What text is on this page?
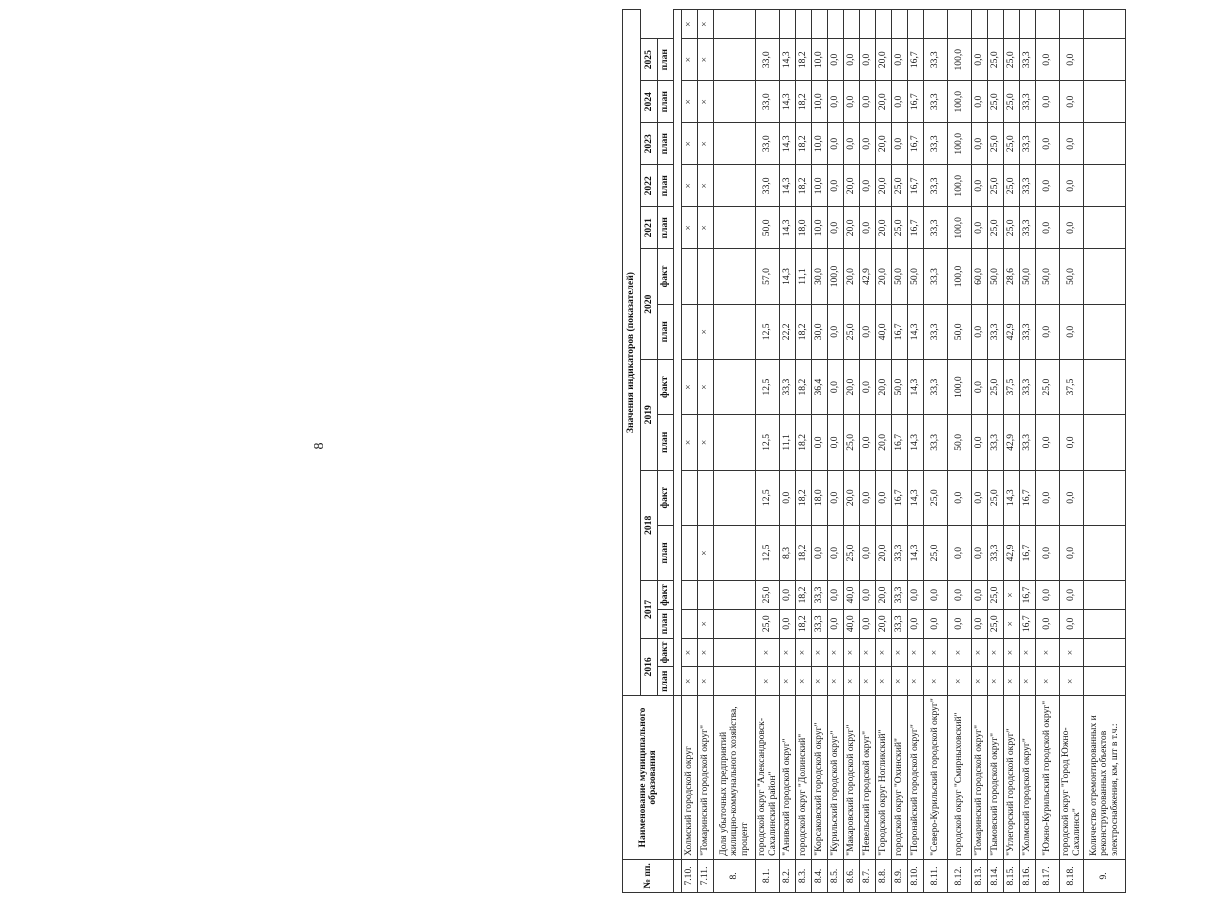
8
№ пп.	Наименование муниципального образования	Значения индикаторов (показателей)															
		2016		2017		2018		2019		2020		2021	2022	2023	2024	2025	
		план	факт	план	факт	план	факт	план	факт	план	факт	план	план	план	план	план	

7.10.	Холмский городской округ	×	×					×	×			×	×	×	×	×	×
7.11.	"Томаринский городской округ"	×	×	×		×		×	×	×		×	×	×	×	×	×
8.	Доля убыточных предприятий жилищно-коммунального хозяйства, процент																
8.1.	городской округ "Александровск-Сахалинский район"	×	×	25,0	25,0	12,5	12,5	12,5	12,5	12,5	57,0	50,0	33,0	33,0	33,0	33,0	
8.2.	"Анивский городской округ"	×	×	0,0	0,0	8,3	0,0	11,1	33,3	22,2	14,3	14,3	14,3	14,3	14,3	14,3	
8.3.	городской округ "Долинский"	×	×	18,2	18,2	18,2	18,2	18,2	18,2	18,2	11,1	18,0	18,2	18,2	18,2	18,2	
8.4.	"Корсаковский городской округ"	×	×	33,3	33,3	0,0	18,0	0,0	36,4	30,0	30,0	10,0	10,0	10,0	10,0	10,0	
8.5.	"Курильский городской округ"	×	×	0,0	0,0	0,0	0,0	0,0	0,0	0,0	100,0	0,0	0,0	0,0	0,0	0,0	
8.6.	"Макаровский городской округ"	×	×	40,0	40,0	25,0	20,0	25,0	20,0	25,0	20,0	20,0	20,0	0,0	0,0	0,0	
8.7.	"Невельский городской округ"	×	×	0,0	0,0	0,0	0,0	0,0	0,0	0,0	42,9	0,0	0,0	0,0	0,0	0,0	
8.8.	"Городской округ Ногликский"	×	×	20,0	20,0	20,0	0,0	20,0	20,0	40,0	20,0	20,0	20,0	20,0	20,0	20,0	
8.9.	городской округ "Охинский"	×	×	33,3	33,3	33,3	16,7	16,7	50,0	16,7	50,0	25,0	25,0	0,0	0,0	0,0	
8.10.	"Поронайский городской округ"	×	×	0,0	0,0	14,3	14,3	14,3	14,3	14,3	50,0	16,7	16,7	16,7	16,7	16,7	
8.11.	"Северо-Курильский городской округ"	×	×	0,0	0,0	25,0	25,0	33,3	33,3	33,3	33,3	33,3	33,3	33,3	33,3	33,3	
8.12.	городской округ "Смирныховский"	×	×	0,0	0,0	0,0	0,0	50,0	100,0	50,0	100,0	100,0	100,0	100,0	100,0	100,0	
8.13.	"Томаринский городской округ"	×	×	0,0	0,0	0,0	0,0	0,0	0,0	0,0	60,0	0,0	0,0	0,0	0,0	0,0	
8.14.	"Тымовский городской округ"	×	×	25,0	25,0	33,3	25,0	33,3	25,0	33,3	50,0	25,0	25,0	25,0	25,0	25,0	
8.15.	"Углегорский городской округ"	×	×	×	×	42,9	14,3	42,9	37,5	42,9	28,6	25,0	25,0	25,0	25,0	25,0	
8.16.	"Холмский городской округ"	×	×	16,7	16,7	16,7	16,7	33,3	33,3	33,3	50,0	33,3	33,3	33,3	33,3	33,3	
8.17.	"Южно-Курильский городской округ"	×	×	0,0	0,0	0,0	0,0	0,0	25,0	0,0	50,0	0,0	0,0	0,0	0,0	0,0	
8.18.	городской округ "Город Южно-Сахалинск"	×	×	0,0	0,0	0,0	0,0	0,0	37,5	0,0	50,0	0,0	0,0	0,0	0,0	0,0	
9.	Количество отремонтированных и реконструированных объектов электроснабжения, км, шт в т.ч.:																
